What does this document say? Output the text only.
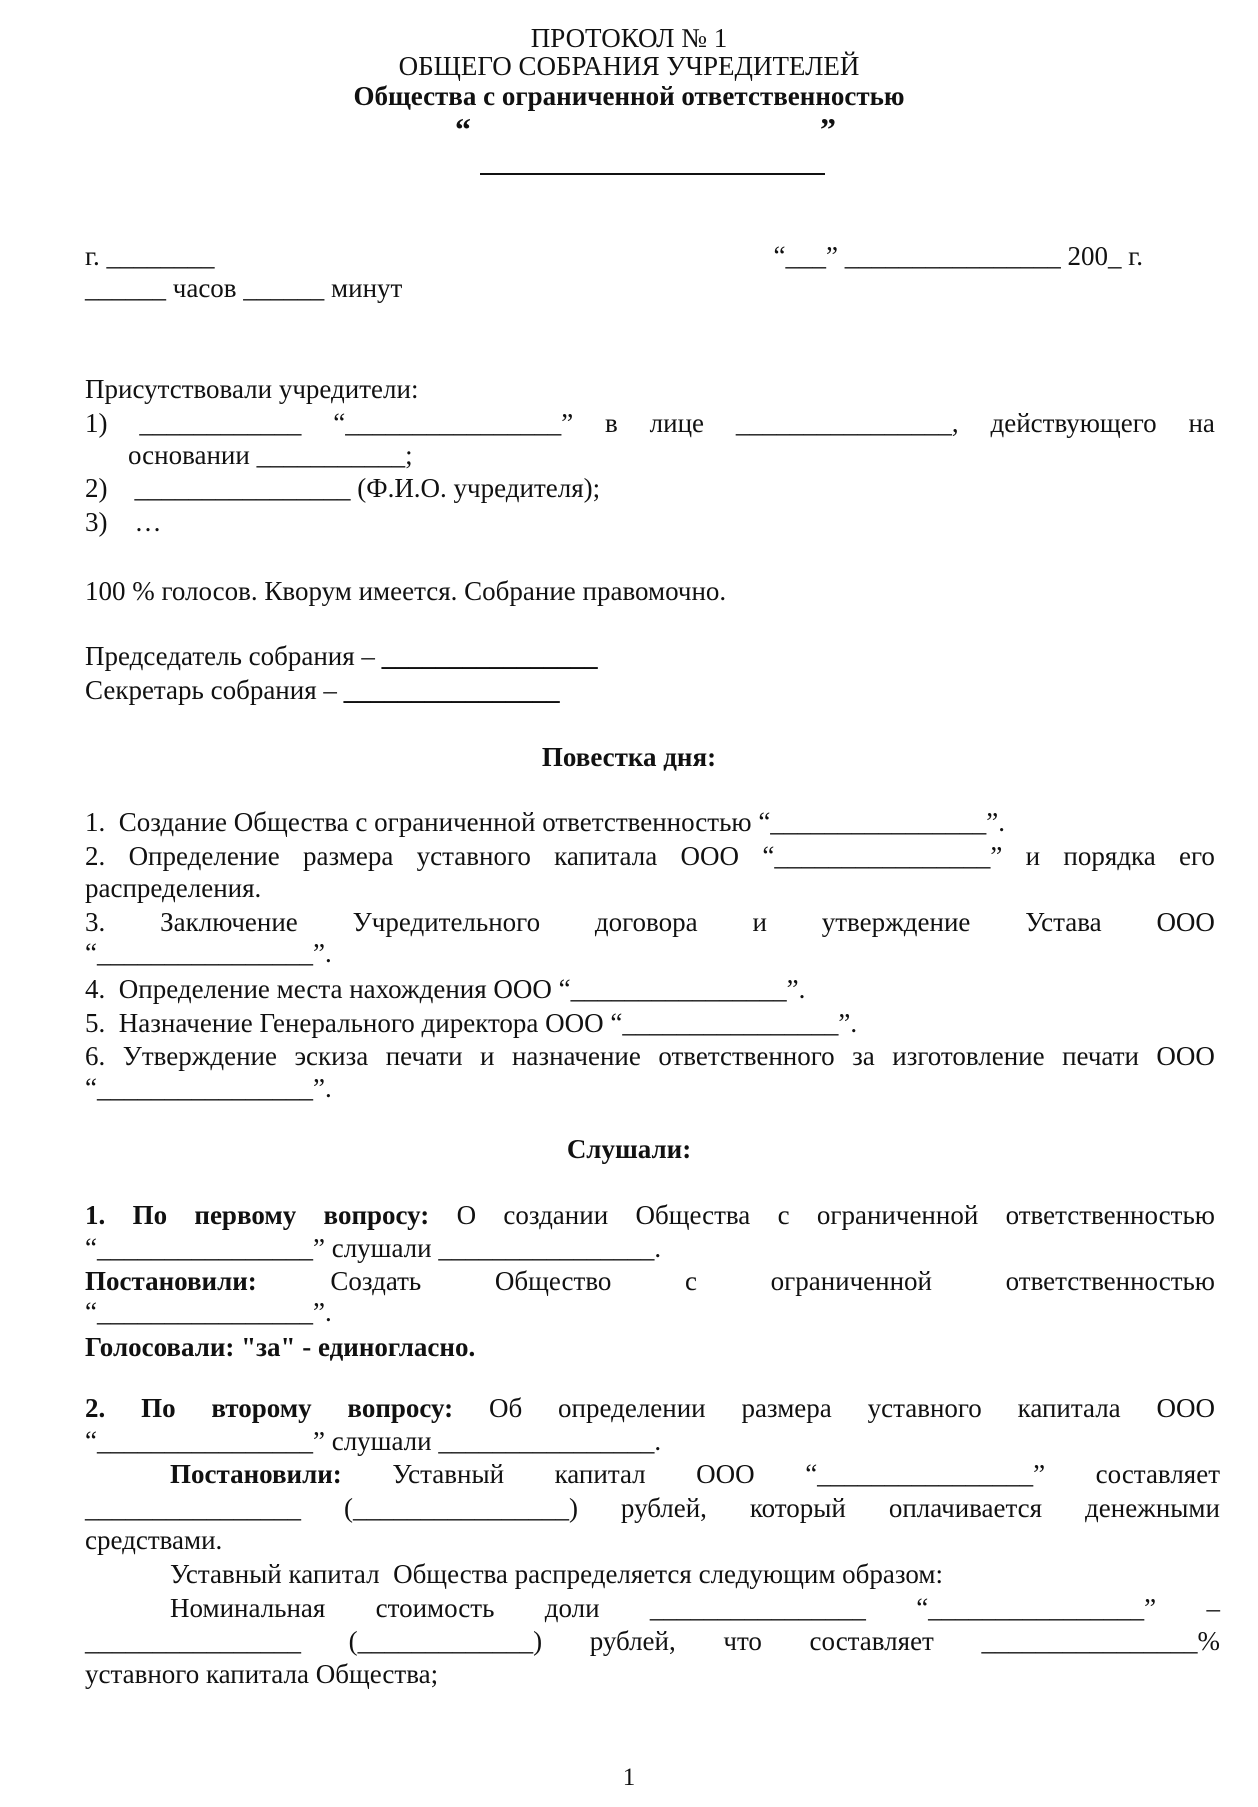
ПРОТОКОЛ № 1
ОБЩЕГО СОБРАНИЯ УЧРЕДИТЕЛЕЙ
Общества с ограниченной ответственностью
“	”
г. ________	“___” ________________ 200_ г.
______ часов ______ минут
Присутствовали учредители:
1) ____________ “________________” в лице ________________, действующего на
основании ___________;
2)    ________________ (Ф.И.О. учредителя);
3)    …
100 % голосов. Кворум имеется. Собрание правомочно.
Председатель собрания – ________________
Секретарь собрания – ________________
Повестка дня:
1.  Создание Общества с ограниченной ответственностью “________________”.
2. Определение размера уставного капитала ООО “________________” и порядка его
распределения.
3. Заключение Учредительного договора и утверждение Устава ООО
“________________”.
4.  Определение места нахождения ООО “________________”.
5.  Назначение Генерального директора ООО “________________”.
6. Утверждение эскиза печати и назначение ответственного за изготовление печати ООО
“________________”.
Слушали:
1. По первому вопросу: О создании Общества с ограниченной ответственностью
“________________” слушали ________________.
Постановили:	Создать	Общество	с	ограниченной	ответственностью
“________________”.
Голосовали: "за" - единогласно.
2. По второму вопросу: Об определении размера уставного капитала ООО
“________________” слушали ________________.
Постановили: Уставный капитал ООО “________________” составляет
________________ (________________) рублей, который оплачивается денежными
средствами.
Уставный капитал  Общества распределяется следующим образом:
Номинальная стоимость доли ________________ “________________” –
________________ (_____________) рублей, что составляет ________________%
уставного капитала Общества;
1
